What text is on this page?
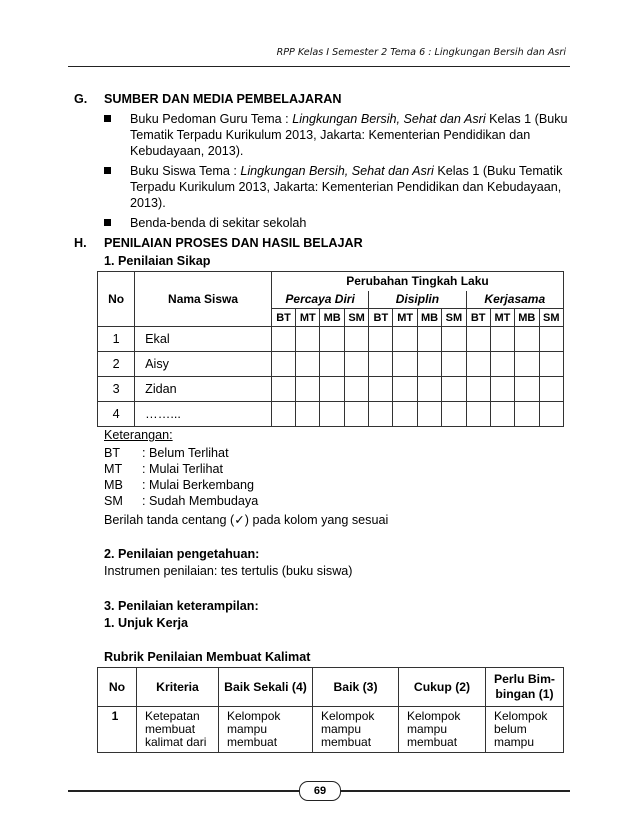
RPP Kelas I Semester 2 Tema 6 : Lingkungan Bersih dan Asri
G. SUMBER DAN MEDIA PEMBELAJARAN
Buku Pedoman Guru Tema : Lingkungan Bersih, Sehat dan Asri Kelas 1 (Buku Tematik Terpadu Kurikulum 2013, Jakarta: Kementerian Pendidikan dan Kebudayaan, 2013).
Buku Siswa Tema : Lingkungan Bersih, Sehat dan Asri Kelas 1 (Buku Tematik Terpadu Kurikulum 2013, Jakarta: Kementerian Pendidikan dan Kebudayaan, 2013).
Benda-benda di sekitar sekolah
H. PENILAIAN PROSES DAN HASIL BELAJAR
1. Penilaian Sikap
No	Nama Siswa	Perubahan Tingkah Laku											
		Percaya Diri				Disiplin				Kerjasama			
		BT	MT	MB	SM	BT	MT	MB	SM	BT	MT	MB	SM
1	Ekal												
2	Aisy												
3	Zidan												
4	……...												
Keterangan:
BT : Belum Terlihat
MT : Mulai Terlihat
MB : Mulai Berkembang
SM : Sudah Membudaya
Berilah tanda centang (✓) pada kolom yang sesuai
2. Penilaian pengetahuan:
Instrumen penilaian: tes tertulis (buku siswa)
3. Penilaian keterampilan:
1. Unjuk Kerja
Rubrik Penilaian Membuat Kalimat
No	Kriteria	Baik Sekali (4)	Baik (3)	Cukup (2)	Perlu Bim-bingan (1)
1	Ketepatan membuat kalimat dari	Kelompok mampu membuat	Kelompok mampu membuat	Kelompok mampu membuat	Kelompok belum mampu
69
